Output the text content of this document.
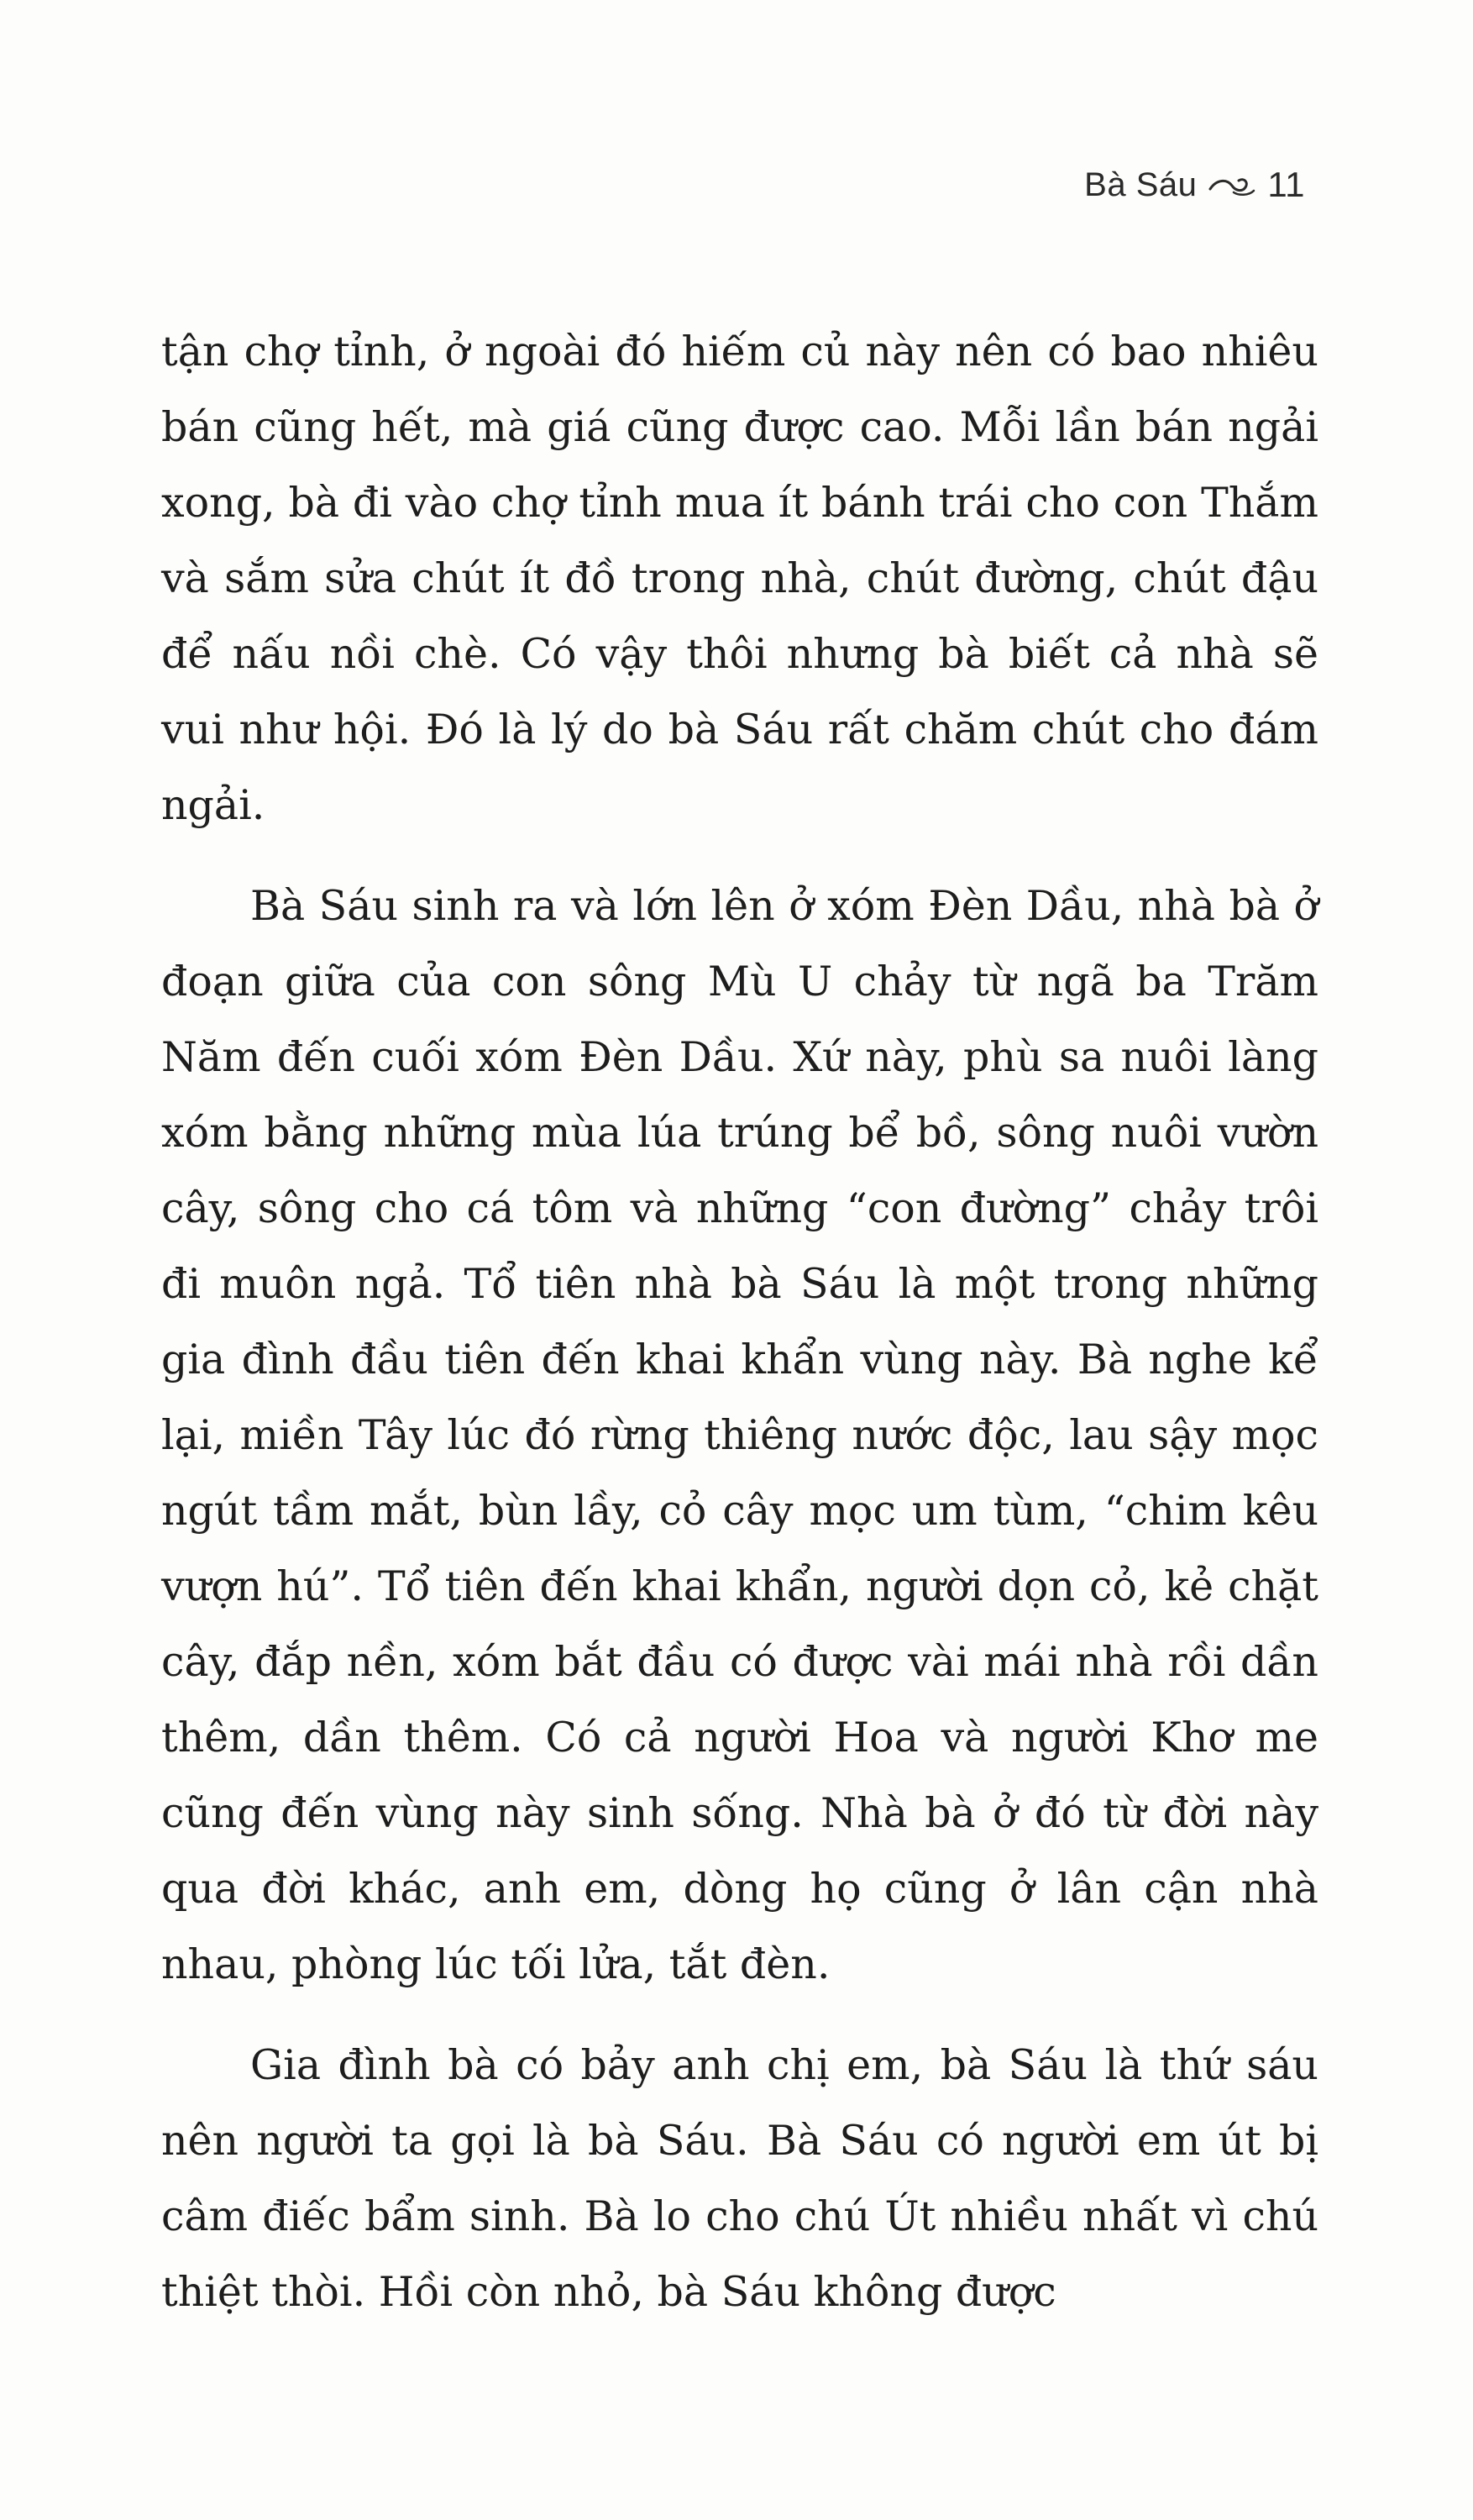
Bà Sáu 11

tận chợ tỉnh, ở ngoài đó hiếm củ này nên có bao nhiêu bán cũng hết, mà giá cũng được cao. Mỗi lần bán ngải xong, bà đi vào chợ tỉnh mua ít bánh trái cho con Thắm và sắm sửa chút ít đồ trong nhà, chút đường, chút đậu để nấu nồi chè. Có vậy thôi nhưng bà biết cả nhà sẽ vui như hội. Đó là lý do bà Sáu rất chăm chút cho đám ngải.

Bà Sáu sinh ra và lớn lên ở xóm Đèn Dầu, nhà bà ở đoạn giữa của con sông Mù U chảy từ ngã ba Trăm Năm đến cuối xóm Đèn Dầu. Xứ này, phù sa nuôi làng xóm bằng những mùa lúa trúng bể bồ, sông nuôi vườn cây, sông cho cá tôm và những “con đường” chảy trôi đi muôn ngả. Tổ tiên nhà bà Sáu là một trong những gia đình đầu tiên đến khai khẩn vùng này. Bà nghe kể lại, miền Tây lúc đó rừng thiêng nước độc, lau sậy mọc ngút tầm mắt, bùn lầy, cỏ cây mọc um tùm, “chim kêu vượn hú”. Tổ tiên đến khai khẩn, người dọn cỏ, kẻ chặt cây, đắp nền, xóm bắt đầu có được vài mái nhà rồi dần thêm, dần thêm. Có cả người Hoa và người Khơ me cũng đến vùng này sinh sống. Nhà bà ở đó từ đời này qua đời khác, anh em, dòng họ cũng ở lân cận nhà nhau, phòng lúc tối lửa, tắt đèn.

Gia đình bà có bảy anh chị em, bà Sáu là thứ sáu nên người ta gọi là bà Sáu. Bà Sáu có người em út bị câm điếc bẩm sinh. Bà lo cho chú Út nhiều nhất vì chú thiệt thòi. Hồi còn nhỏ, bà Sáu không được
